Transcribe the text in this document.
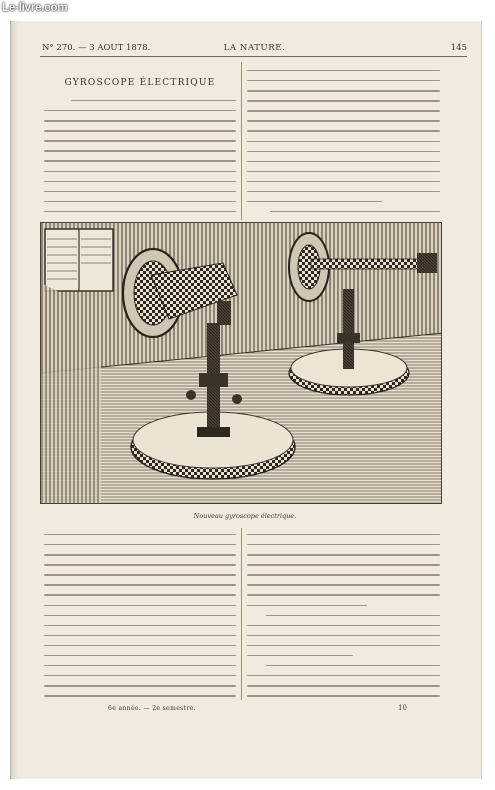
Le-livre.com
N° 270. — 3 AOUT 1878.	LA NATURE.	145
GYROSCOPE ÉLECTRIQUE
Nouveau gyroscope électrique.
6e année. — 2e semestre.	10
